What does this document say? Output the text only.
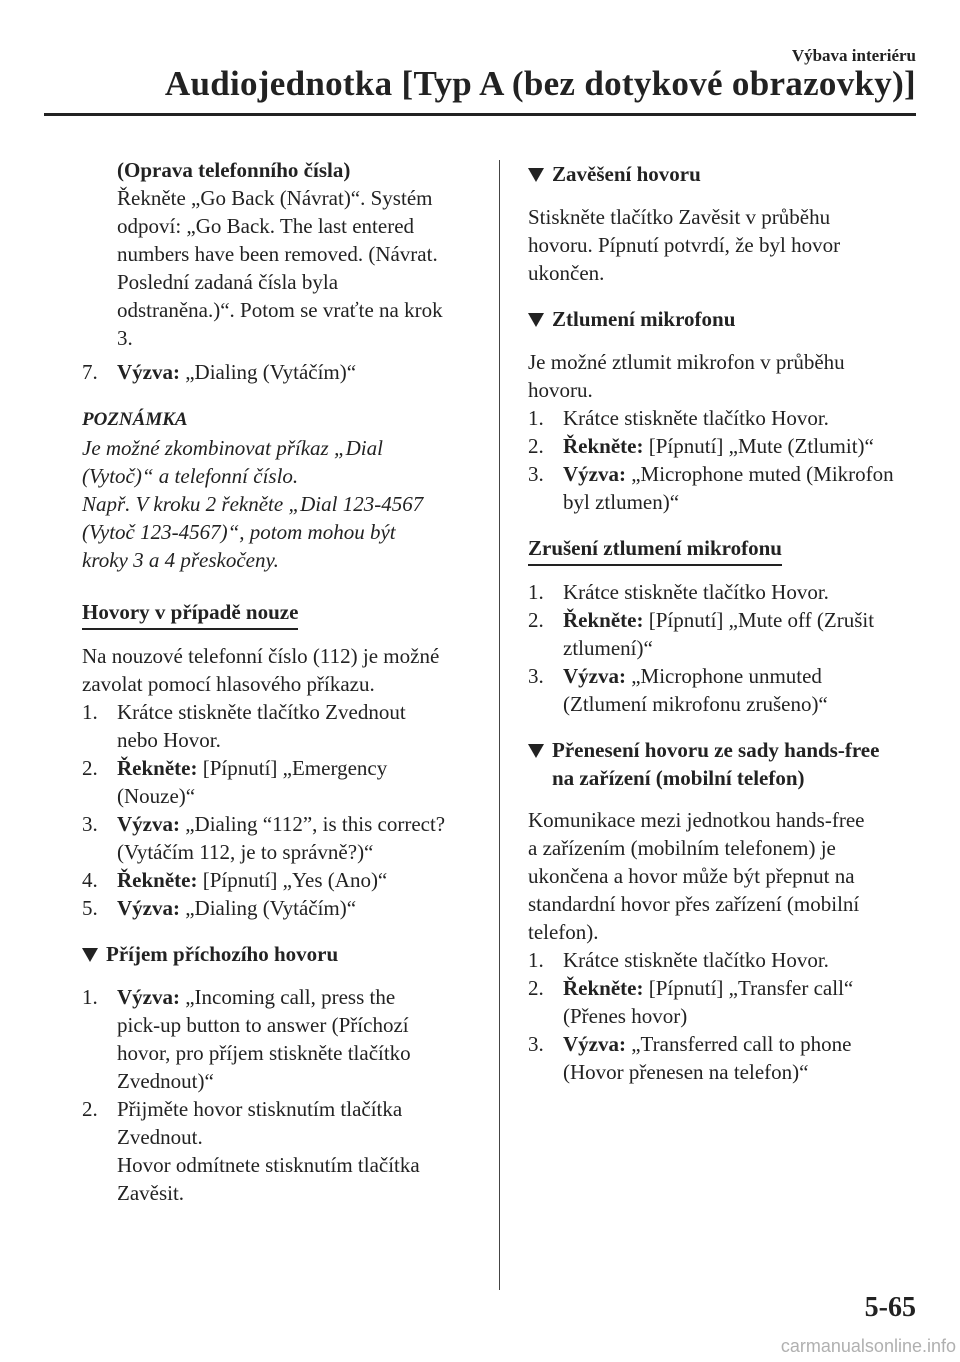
Výbava interiéru
Audiojednotka [Typ A (bez dotykové obrazovky)]
(Oprava telefonního čísla)
Řekněte „Go Back (Návrat)“. Systém
odpoví: „Go Back. The last entered
numbers have been removed. (Návrat.
Poslední zadaná čísla byla
odstraněna.)“. Potom se vraťte na krok
3.
7. Výzva: „Dialing (Vytáčím)“
POZNÁMKA
Je možné zkombinovat příkaz „Dial
(Vytoč)“ a telefonní číslo.
Např. V kroku 2 řekněte „Dial 123-4567
(Vytoč 123-4567)“, potom mohou být
kroky 3 a 4 přeskočeny.
Hovory v případě nouze
Na nouzové telefonní číslo (112) je možné
zavolat pomocí hlasového příkazu.
1. Krátce stiskněte tlačítko Zvednout
nebo Hovor.
2. Řekněte: [Pípnutí] „Emergency
(Nouze)“
3. Výzva: „Dialing “112”, is this correct?
(Vytáčím 112, je to správně?)“
4. Řekněte: [Pípnutí] „Yes (Ano)“
5. Výzva: „Dialing (Vytáčím)“
Příjem příchozího hovoru
1. Výzva: „Incoming call, press the
pick-up button to answer (Příchozí
hovor, pro příjem stiskněte tlačítko
Zvednout)“
2. Přijměte hovor stisknutím tlačítka
Zvednout.
Hovor odmítnete stisknutím tlačítka
Zavěsit.
Zavěšení hovoru
Stiskněte tlačítko Zavěsit v průběhu
hovoru. Pípnutí potvrdí, že byl hovor
ukončen.
Ztlumení mikrofonu
Je možné ztlumit mikrofon v průběhu
hovoru.
1. Krátce stiskněte tlačítko Hovor.
2. Řekněte: [Pípnutí] „Mute (Ztlumit)“
3. Výzva: „Microphone muted (Mikrofon
byl ztlumen)“
Zrušení ztlumení mikrofonu
1. Krátce stiskněte tlačítko Hovor.
2. Řekněte: [Pípnutí] „Mute off (Zrušit
ztlumení)“
3. Výzva: „Microphone unmuted
(Ztlumení mikrofonu zrušeno)“
Přenesení hovoru ze sady hands-free
na zařízení (mobilní telefon)
Komunikace mezi jednotkou hands-free
a zařízením (mobilním telefonem) je
ukončena a hovor může být přepnut na
standardní hovor přes zařízení (mobilní
telefon).
1. Krátce stiskněte tlačítko Hovor.
2. Řekněte: [Pípnutí] „Transfer call“
(Přenes hovor)
3. Výzva: „Transferred call to phone
(Hovor přenesen na telefon)“
5-65
carmanualsonline.info
